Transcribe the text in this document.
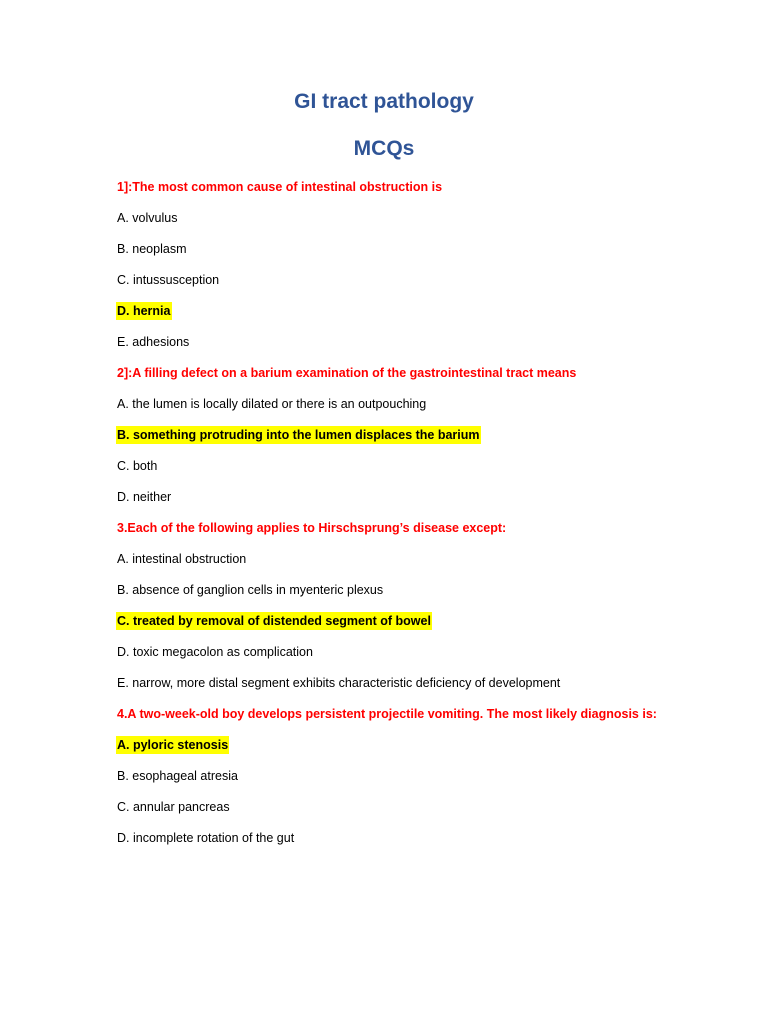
GI tract pathology
MCQs
1]:The most common cause of intestinal obstruction is
A. volvulus
B. neoplasm
C. intussusception
D. hernia
E. adhesions
2]:A filling defect on a barium examination of the gastrointestinal tract means
A. the lumen is locally dilated or there is an outpouching
B. something protruding into the lumen displaces the barium
C. both
D. neither
3.Each of the following applies to Hirschsprung’s disease except:
A. intestinal obstruction
B. absence of ganglion cells in myenteric plexus
C. treated by removal of distended segment of bowel
D. toxic megacolon as complication
E. narrow, more distal segment exhibits characteristic deficiency of development
4.A two-week-old boy develops persistent projectile vomiting. The most likely diagnosis is:
A. pyloric stenosis
B. esophageal atresia
C. annular pancreas
D. incomplete rotation of the gut
